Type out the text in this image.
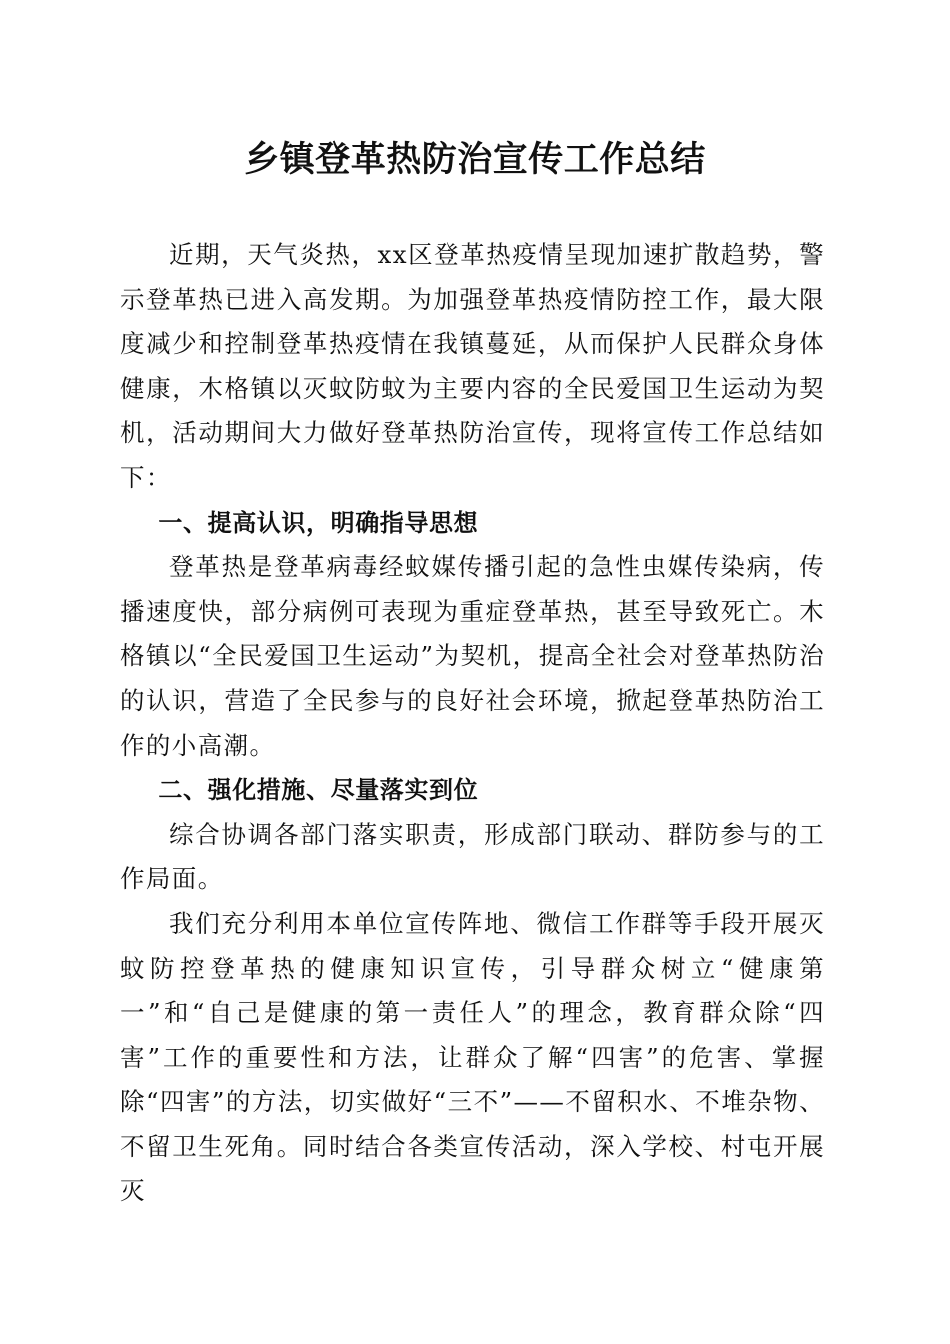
乡镇登革热防治宣传工作总结

近期，天气炎热，xx区登革热疫情呈现加速扩散趋势，警示登革热已进入高发期。为加强登革热疫情防控工作，最大限度减少和控制登革热疫情在我镇蔓延，从而保护人民群众身体健康，木格镇以灭蚊防蚊为主要内容的全民爱国卫生运动为契机，活动期间大力做好登革热防治宣传，现将宣传工作总结如下：

一、提高认识，明确指导思想

登革热是登革病毒经蚊媒传播引起的急性虫媒传染病，传播速度快，部分病例可表现为重症登革热，甚至导致死亡。木格镇以“全民爱国卫生运动”为契机，提高全社会对登革热防治的认识，营造了全民参与的良好社会环境，掀起登革热防治工作的小高潮。

二、强化措施、尽量落实到位

综合协调各部门落实职责，形成部门联动、群防参与的工作局面。

我们充分利用本单位宣传阵地、微信工作群等手段开展灭蚊防控登革热的健康知识宣传，引导群众树立“健康第一”和“自己是健康的第一责任人”的理念，教育群众除“四害”工作的重要性和方法，让群众了解“四害”的危害、掌握除“四害”的方法，切实做好“三不”——不留积水、不堆杂物、不留卫生死角。同时结合各类宣传活动，深入学校、村屯开展灭
